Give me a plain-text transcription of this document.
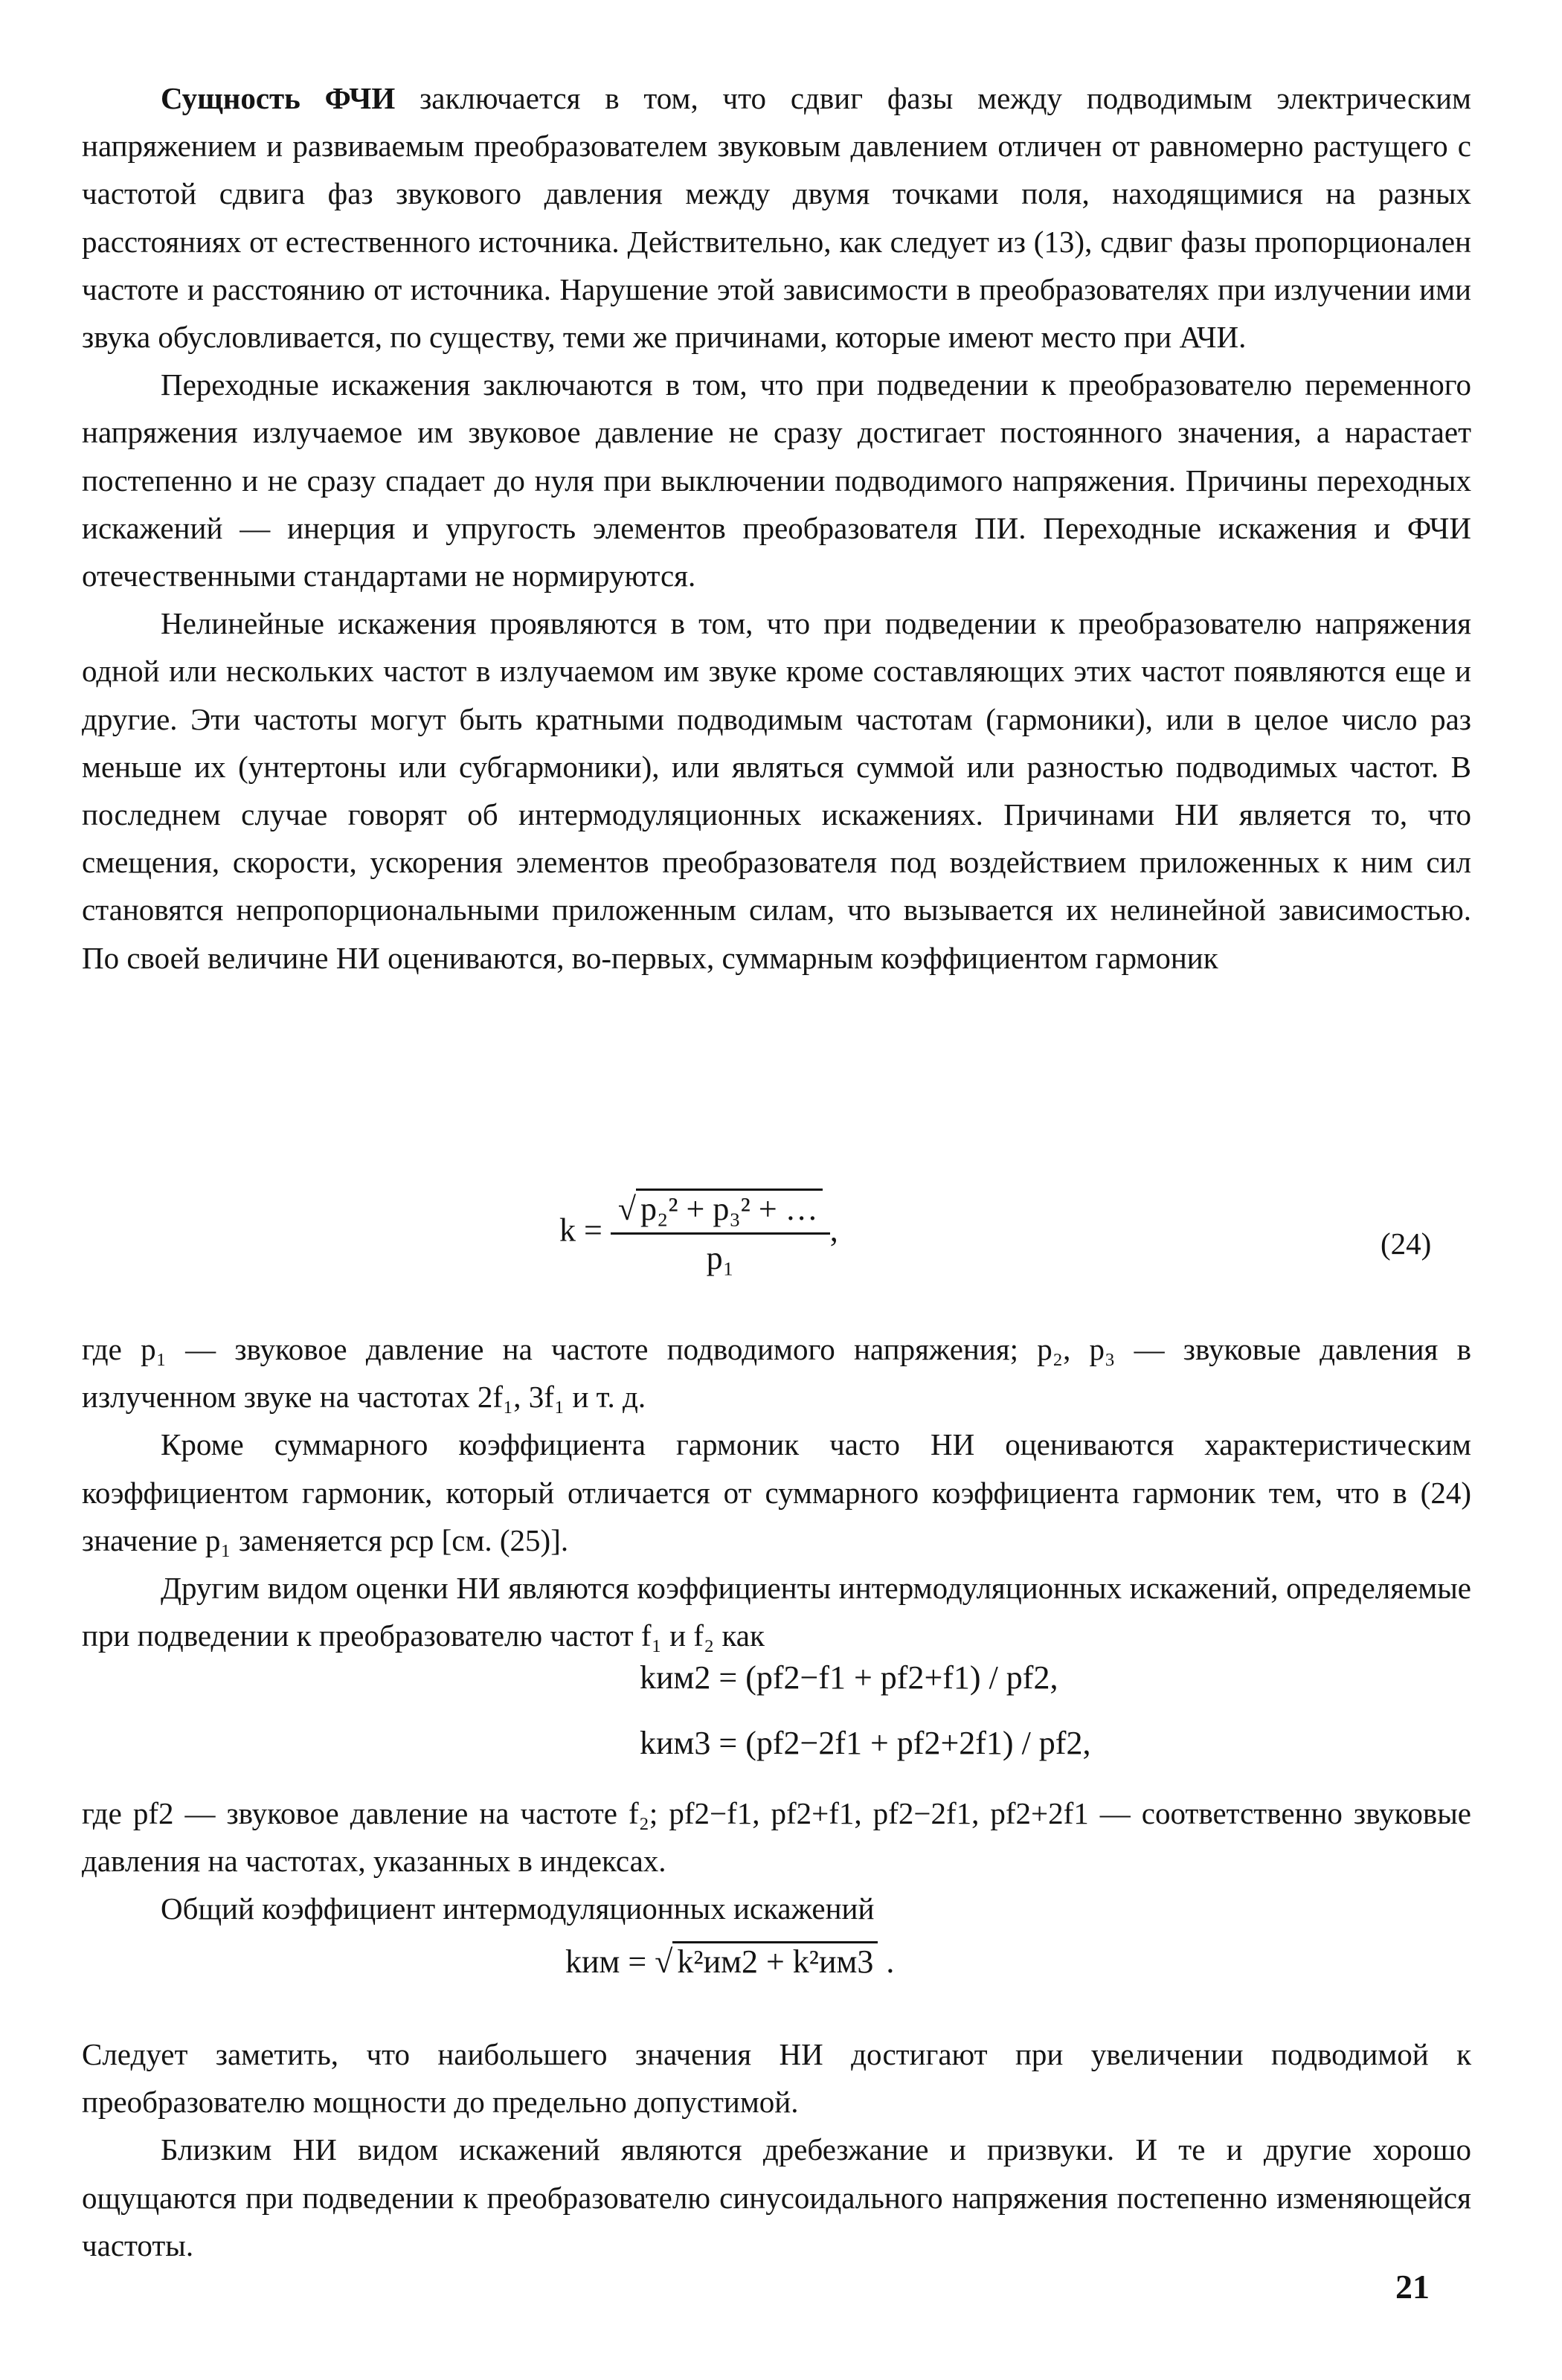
Сущность ФЧИ заключается в том, что сдвиг фазы между подводимым электрическим напряжением и развиваемым преобразователем звуковым давлением отличен от равномерно растущего с частотой сдвига фаз звукового давления между двумя точками поля, находящимися на разных расстояниях от естественного источника. Действительно, как следует из (13), сдвиг фазы пропорционален частоте и расстоянию от источника. Нарушение этой зависимости в преобразователях при излучении ими звука обусловливается, по существу, теми же причинами, которые имеют место при АЧИ.

Переходные искажения заключаются в том, что при подведении к преобразователю переменного напряжения излучаемое им звуковое давление не сразу достигает постоянного значения, а нарастает постепенно и не сразу спадает до нуля при выключении подводимого напряжения. Причины переходных искажений — инерция и упругость элементов преобразователя ПИ. Переходные искажения и ФЧИ отечественными стандартами не нормируются.

Нелинейные искажения проявляются в том, что при подведении к преобразователю напряжения одной или нескольких частот в излучаемом им звуке кроме составляющих этих частот появляются еще и другие. Эти частоты могут быть кратными подводимым частотам (гармоники), или в целое число раз меньше их (унтертоны или субгармоники), или являться суммой или разностью подводимых частот. В последнем случае говорят об интермодуляционных искажениях. Причинами НИ является то, что смещения, скорости, ускорения элементов преобразователя под воздействием приложенных к ним сил становятся непропорциональными приложенным силам, что вызывается их нелинейной зависимостью. По своей величине НИ оцениваются, во-первых, суммарным коэффициентом гармоник

$k = \frac{\text{√ p₂² + p₃² + …}}{\text{p₁}}$ ,	(24)

где p₁ — звуковое давление на частоте подводимого напряжения; p₂, p₃ — звуковые давления в излученном звуке на частотах 2f₁, 3f₁ и т. д.

Кроме суммарного коэффициента гармоник часто НИ оцениваются характеристическим коэффициентом гармоник, который отличается от суммарного коэффициента гармоник тем, что в (24) значение p₁ заменяется pср [см. (25)].

Другим видом оценки НИ являются коэффициенты интермодуляционных искажений, определяемые при подведении к преобразователю частот f₁ и f₂ как

kим2 = (pf2−f1 + pf2+f1) / pf2,
kим3 = (pf2−2f1 + pf2+2f1) / pf2,

где pf2 — звуковое давление на частоте f₂; pf2−f1, pf2+f1, pf2−2f1, pf2+2f1 — соответственно звуковые давления на частотах, указанных в индексах.

Общий коэффициент интермодуляционных искажений

kим = √ k²им2 + k²им3 .

Следует заметить, что наибольшего значения НИ достигают при увеличении подводимой к преобразователю мощности до предельно допустимой.

Близким НИ видом искажений являются дребезжание и призвуки. И те и другие хорошо ощущаются при подведении к преобразователю синусоидального напряжения постепенно изменяющейся частоты.

21
